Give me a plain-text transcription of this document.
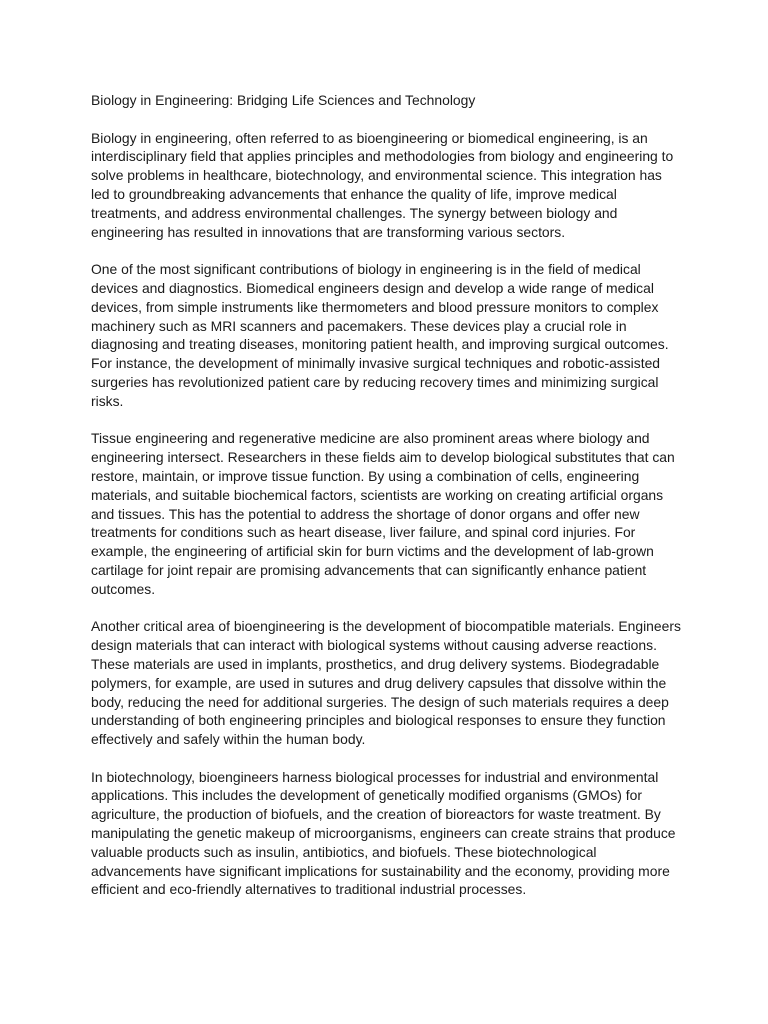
Biology in Engineering: Bridging Life Sciences and Technology

Biology in engineering, often referred to as bioengineering or biomedical engineering, is an
interdisciplinary field that applies principles and methodologies from biology and engineering to
solve problems in healthcare, biotechnology, and environmental science. This integration has
led to groundbreaking advancements that enhance the quality of life, improve medical
treatments, and address environmental challenges. The synergy between biology and
engineering has resulted in innovations that are transforming various sectors.

One of the most significant contributions of biology in engineering is in the field of medical
devices and diagnostics. Biomedical engineers design and develop a wide range of medical
devices, from simple instruments like thermometers and blood pressure monitors to complex
machinery such as MRI scanners and pacemakers. These devices play a crucial role in
diagnosing and treating diseases, monitoring patient health, and improving surgical outcomes.
For instance, the development of minimally invasive surgical techniques and robotic-assisted
surgeries has revolutionized patient care by reducing recovery times and minimizing surgical
risks.

Tissue engineering and regenerative medicine are also prominent areas where biology and
engineering intersect. Researchers in these fields aim to develop biological substitutes that can
restore, maintain, or improve tissue function. By using a combination of cells, engineering
materials, and suitable biochemical factors, scientists are working on creating artificial organs
and tissues. This has the potential to address the shortage of donor organs and offer new
treatments for conditions such as heart disease, liver failure, and spinal cord injuries. For
example, the engineering of artificial skin for burn victims and the development of lab-grown
cartilage for joint repair are promising advancements that can significantly enhance patient
outcomes.

Another critical area of bioengineering is the development of biocompatible materials. Engineers
design materials that can interact with biological systems without causing adverse reactions.
These materials are used in implants, prosthetics, and drug delivery systems. Biodegradable
polymers, for example, are used in sutures and drug delivery capsules that dissolve within the
body, reducing the need for additional surgeries. The design of such materials requires a deep
understanding of both engineering principles and biological responses to ensure they function
effectively and safely within the human body.

In biotechnology, bioengineers harness biological processes for industrial and environmental
applications. This includes the development of genetically modified organisms (GMOs) for
agriculture, the production of biofuels, and the creation of bioreactors for waste treatment. By
manipulating the genetic makeup of microorganisms, engineers can create strains that produce
valuable products such as insulin, antibiotics, and biofuels. These biotechnological
advancements have significant implications for sustainability and the economy, providing more
efficient and eco-friendly alternatives to traditional industrial processes.
